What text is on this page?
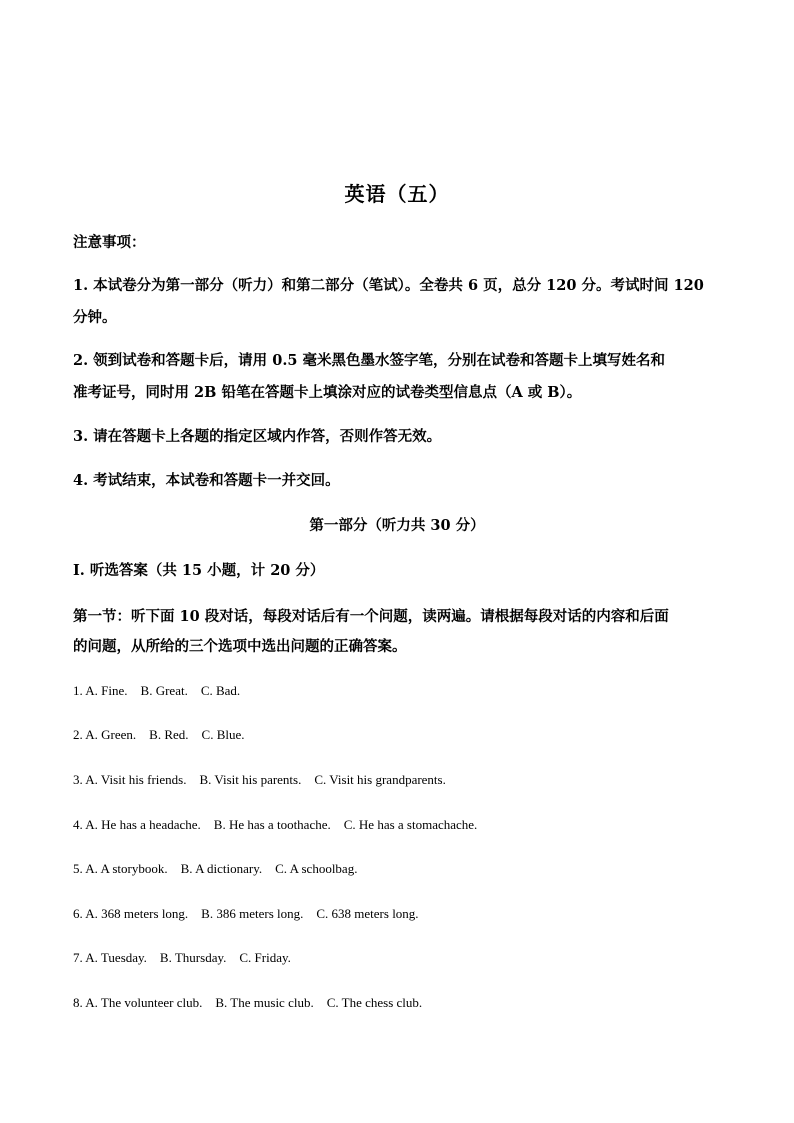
英语（五）
注意事项：
1. 本试卷分为第一部分（听力）和第二部分（笔试）。全卷共 6 页，总分 120 分。考试时间 120
分钟。
2. 领到试卷和答题卡后，请用 0.5 毫米黑色墨水签字笔，分别在试卷和答题卡上填写姓名和
准考证号，同时用 2B 铅笔在答题卡上填涂对应的试卷类型信息点（A 或 B）。
3. 请在答题卡上各题的指定区域内作答，否则作答无效。
4. 考试结束，本试卷和答题卡一并交回。
第一部分（听力共 30 分）
I. 听选答案（共 15 小题，计 20 分）
第一节：听下面 10 段对话，每段对话后有一个问题，读两遍。请根据每段对话的内容和后面
的问题，从所给的三个选项中选出问题的正确答案。
1. A. Fine.    B. Great.    C. Bad.
2. A. Green.    B. Red.    C. Blue.
3. A. Visit his friends.    B. Visit his parents.    C. Visit his grandparents.
4. A. He has a headache.    B. He has a toothache.    C. He has a stomachache.
5. A. A storybook.    B. A dictionary.    C. A schoolbag.
6. A. 368 meters long.    B. 386 meters long.    C. 638 meters long.
7. A. Tuesday.    B. Thursday.    C. Friday.
8. A. The volunteer club.    B. The music club.    C. The chess club.
